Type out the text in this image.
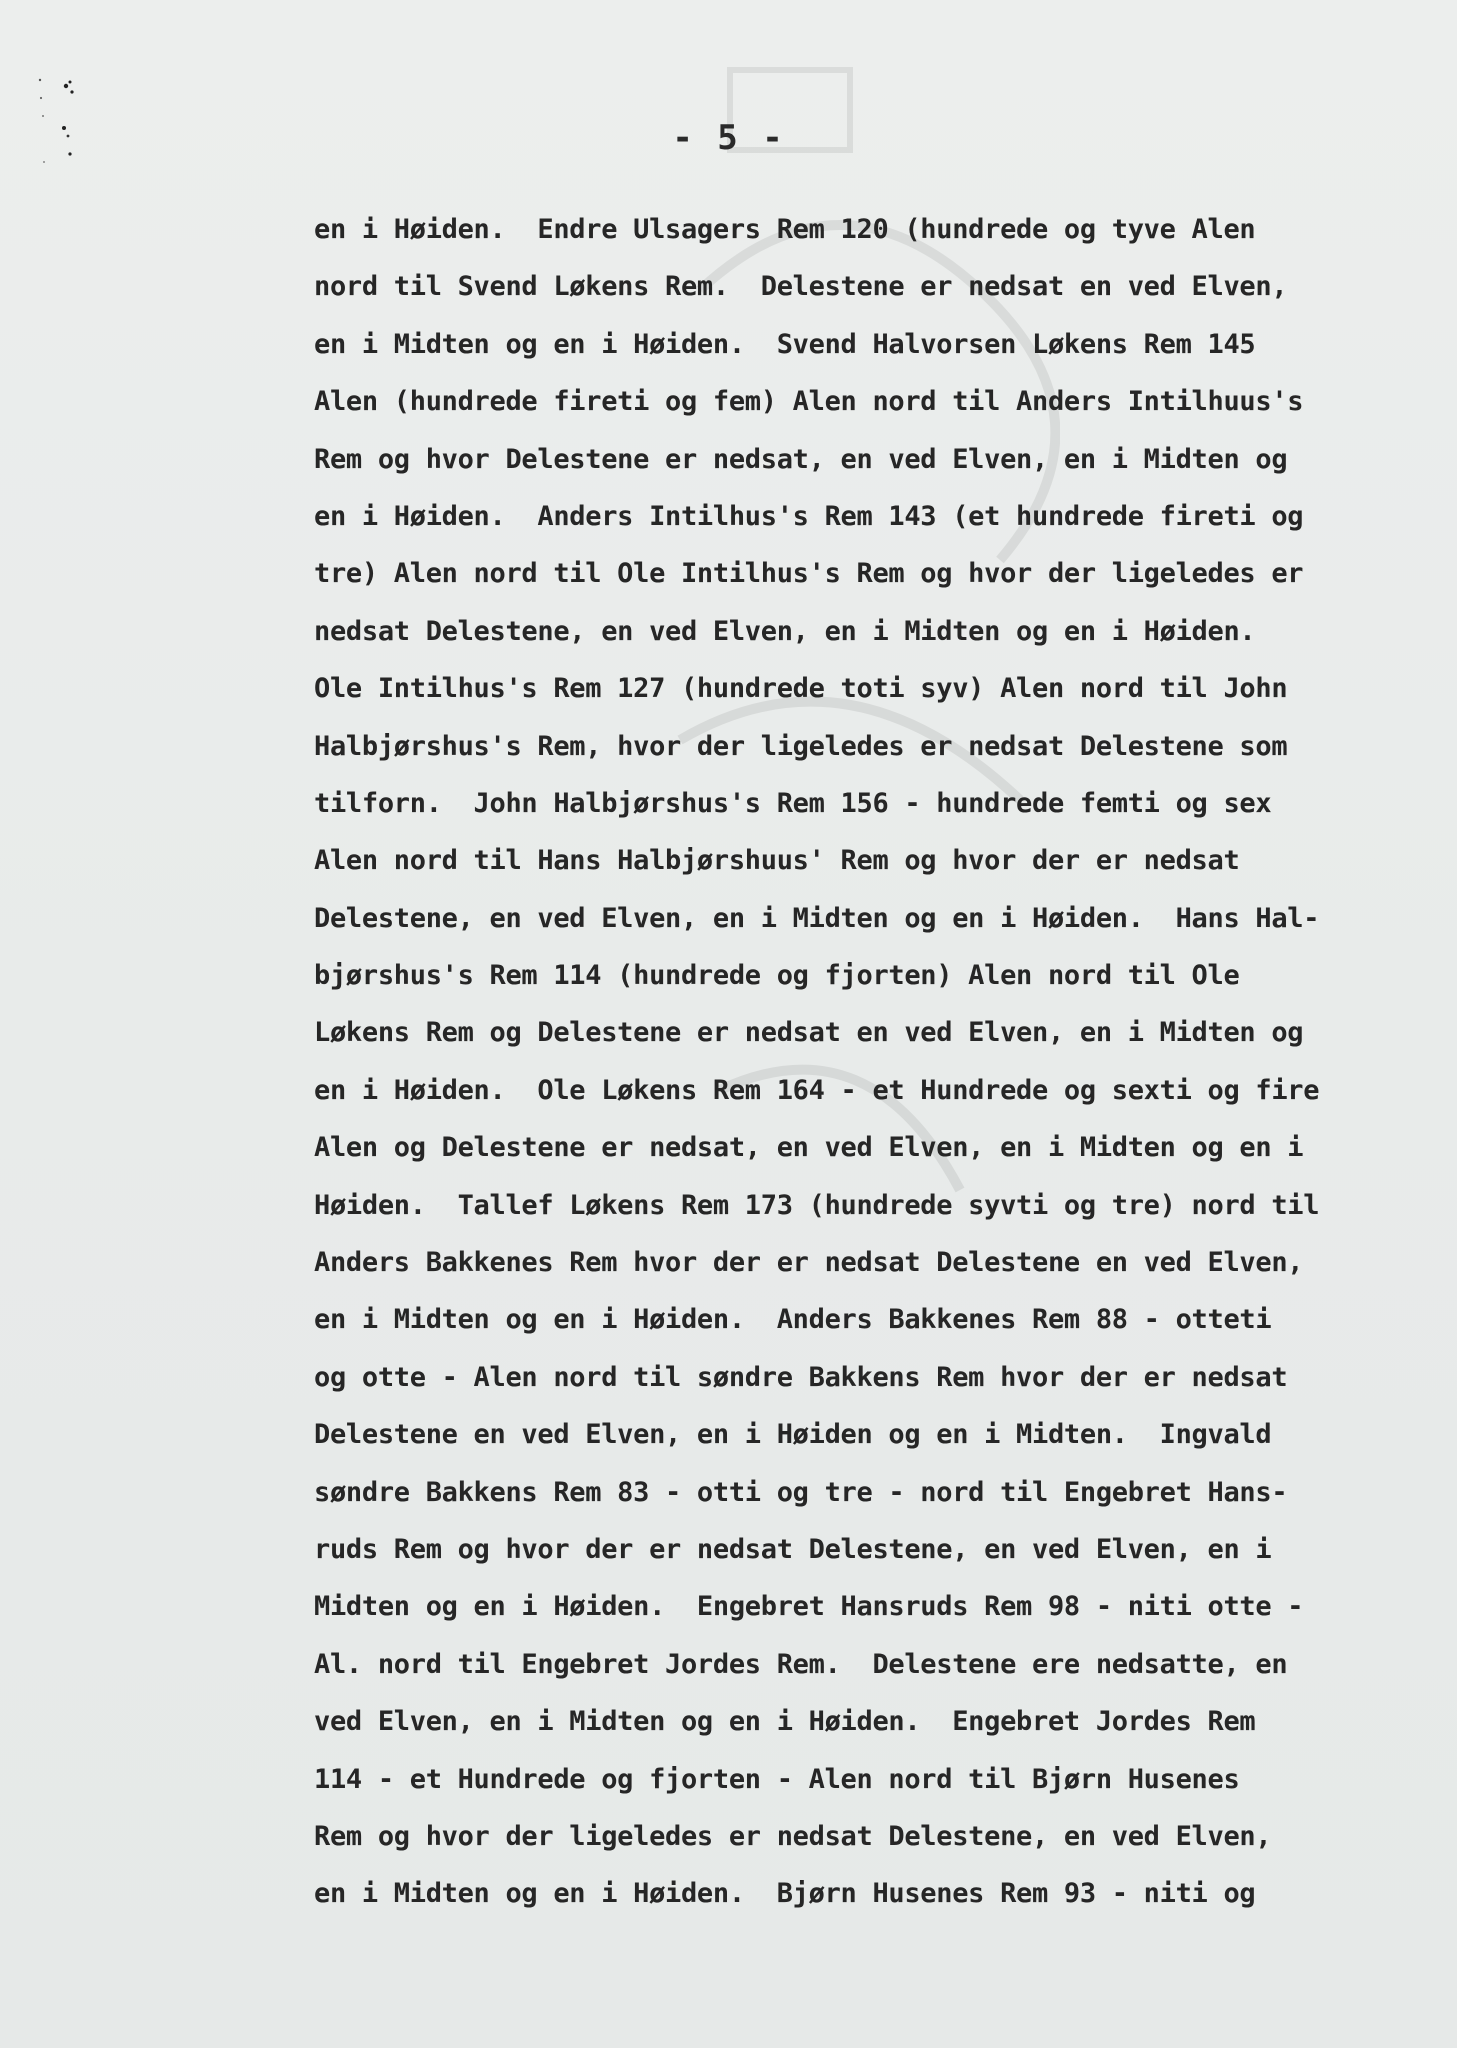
- 5 -
en i Høiden.  Endre Ulsagers Rem 120 (hundrede og tyve Alen
nord til Svend Løkens Rem.  Delestene er nedsat en ved Elven,
en i Midten og en i Høiden.  Svend Halvorsen Løkens Rem 145
Alen (hundrede fireti og fem) Alen nord til Anders Intilhuus's
Rem og hvor Delestene er nedsat, en ved Elven, en i Midten og
en i Høiden.  Anders Intilhus's Rem 143 (et hundrede fireti og
tre) Alen nord til Ole Intilhus's Rem og hvor der ligeledes er
nedsat Delestene, en ved Elven, en i Midten og en i Høiden.
Ole Intilhus's Rem 127 (hundrede toti syv) Alen nord til John
Halbjørshus's Rem, hvor der ligeledes er nedsat Delestene som
tilforn.  John Halbjørshus's Rem 156 - hundrede femti og sex
Alen nord til Hans Halbjørshuus' Rem og hvor der er nedsat
Delestene, en ved Elven, en i Midten og en i Høiden.  Hans Hal-
bjørshus's Rem 114 (hundrede og fjorten) Alen nord til Ole
Løkens Rem og Delestene er nedsat en ved Elven, en i Midten og
en i Høiden.  Ole Løkens Rem 164 - et Hundrede og sexti og fire
Alen og Delestene er nedsat, en ved Elven, en i Midten og en i
Høiden.  Tallef Løkens Rem 173 (hundrede syvti og tre) nord til
Anders Bakkenes Rem hvor der er nedsat Delestene en ved Elven,
en i Midten og en i Høiden.  Anders Bakkenes Rem 88 - otteti
og otte - Alen nord til søndre Bakkens Rem hvor der er nedsat
Delestene en ved Elven, en i Høiden og en i Midten.  Ingvald
søndre Bakkens Rem 83 - otti og tre - nord til Engebret Hans-
ruds Rem og hvor der er nedsat Delestene, en ved Elven, en i
Midten og en i Høiden.  Engebret Hansruds Rem 98 - niti otte -
Al. nord til Engebret Jordes Rem.  Delestene ere nedsatte, en
ved Elven, en i Midten og en i Høiden.  Engebret Jordes Rem
114 - et Hundrede og fjorten - Alen nord til Bjørn Husenes
Rem og hvor der ligeledes er nedsat Delestene, en ved Elven,
en i Midten og en i Høiden.  Bjørn Husenes Rem 93 - niti og
